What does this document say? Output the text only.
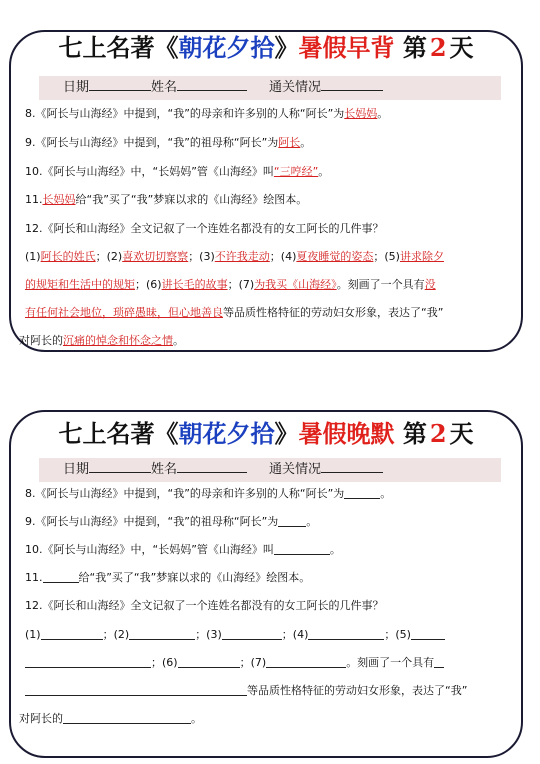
七上名著《朝花夕拾》暑假早背 第 2 天
日期	姓名	通关情况
8.《阿长与山海经》中提到，“我”的母亲和许多别的人称“阿长”为长妈妈。
9.《阿长与山海经》中提到，“我”的祖母称“阿长”为阿长。
10.《阿长与山海经》中，“长妈妈”管《山海经》叫“三哼经”。
11.长妈妈给“我”买了“我”梦寐以求的《山海经》绘图本。
12.《阿长和山海经》全文记叙了一个连姓名都没有的女工阿长的几件事？
(1)阿长的姓氏；(2)喜欢切切察察；(3)不许我走动；(4)夏夜睡觉的姿态；(5)讲求除夕
的规矩和生活中的规矩；(6)讲长毛的故事；(7)为我买《山海经》。刻画了一个具有没
有任何社会地位，琐碎愚昧，但心地善良等品质性格特征的劳动妇女形象，表达了“我”
对阿长的沉痛的悼念和怀念之情。
七上名著《朝花夕拾》暑假晚默 第 2 天
日期	姓名	通关情况
8.《阿长与山海经》中提到，“我”的母亲和许多别的人称“阿长”为	。
9.《阿长与山海经》中提到，“我”的祖母称“阿长”为	。
10.《阿长与山海经》中，“长妈妈”管《山海经》叫	。
11.	给“我”买了“我”梦寐以求的《山海经》绘图本。
12.《阿长和山海经》全文记叙了一个连姓名都没有的女工阿长的几件事？
(1)	；(2)	；(3)	；(4)	；(5)
；(6)	；(7)	。刻画了一个具有
等品质性格特征的劳动妇女形象，表达了“我”
对阿长的	。
